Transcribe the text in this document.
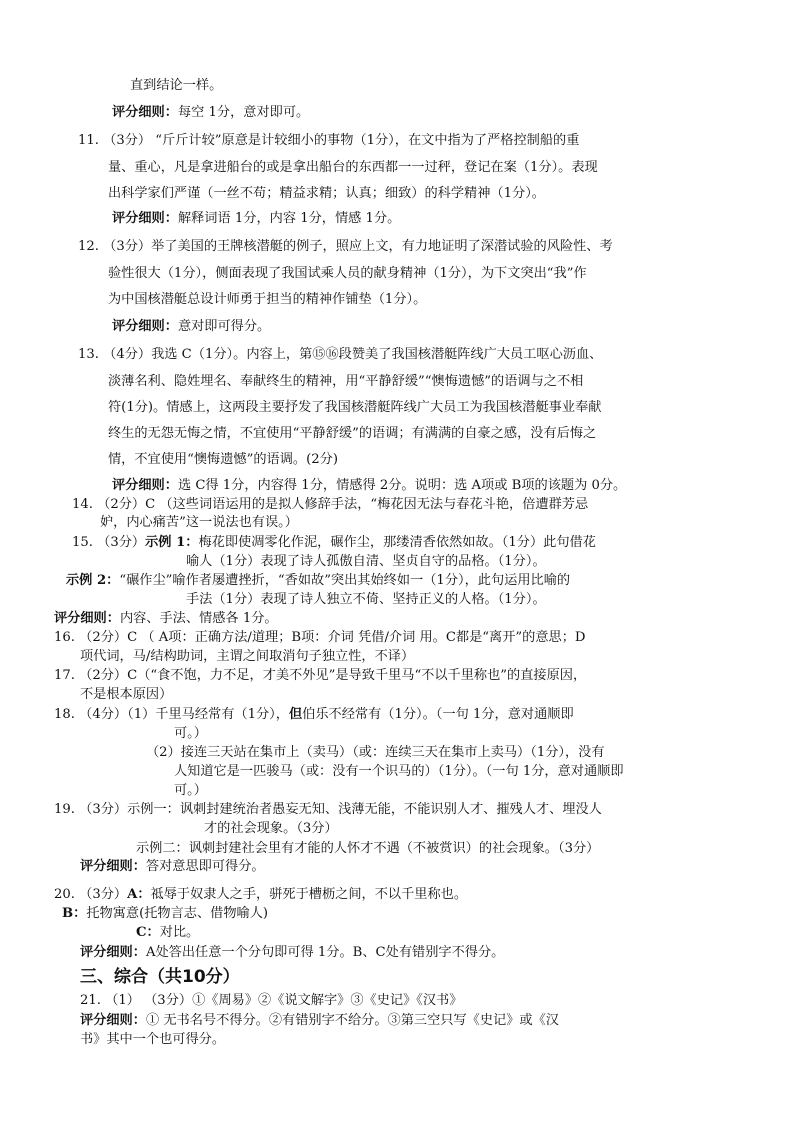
直到结论一样。
评分细则：每空 1分，意对即可。
11. （3分） “斤斤计较”原意是计较细小的事物（1分），在文中指为了严格控制船的重
量、重心，凡是拿进船台的或是拿出船台的东西都一一过秤，登记在案（1分）。表现
出科学家们严谨（一丝不苟；精益求精；认真；细致）的科学精神（1分）。
评分细则：解释词语 1分，内容 1分，情感 1分。
12. （3分）举了美国的王牌核潜艇的例子，照应上文，有力地证明了深潜试验的风险性、考
验性很大（1分），侧面表现了我国试乘人员的献身精神（1分），为下文突出“我”作
为中国核潜艇总设计师勇于担当的精神作铺垫（1分）。
评分细则：意对即可得分。
13. （4分）我选 C（1分）。内容上，第⑮⑯段赞美了我国核潜艇阵线广大员工呕心沥血、
淡薄名利、隐姓埋名、奉献终生的精神，用“平静舒缓”“懊悔遗憾”的语调与之不相
符(1分)。情感上，这两段主要抒发了我国核潜艇阵线广大员工为我国核潜艇事业奉献
终生的无怨无悔之情，不宜使用“平静舒缓”的语调；有满满的自豪之感，没有后悔之
情，不宜使用“懊悔遗憾”的语调。(2分)
评分细则：选 C得 1分，内容得 1分，情感得 2分。说明：选 A项或 B项的该题为 0分。
14. （2分）C （这些词语运用的是拟人修辞手法，“梅花因无法与春花斗艳，倍遭群芳忌
妒，内心痛苦”这一说法也有误。）
15. （3分）示例 1：梅花即使凋零化作泥，碾作尘，那缕清香依然如故。（1分）此句借花
喻人（1分）表现了诗人孤傲自清、坚贞自守的品格。（1分）。
示例 2：“碾作尘”喻作者屡遭挫折，“香如故”突出其始终如一（1分），此句运用比喻的
手法（1分）表现了诗人独立不倚、坚持正义的人格。（1分）。
评分细则：内容、手法、情感各 1分。
16. （2分）C （ A项：正确方法/道理；B项：介词 凭借/介词 用。C都是“离开”的意思；D
项代词，马/结构助词，主谓之间取消句子独立性，不译）
17. （2分）C（“食不饱，力不足，才美不外见”是导致千里马“不以千里称也”的直接原因，
不是根本原因）
18. （4分）（1）千里马经常有（1分），但伯乐不经常有（1分）。（一句 1分，意对通顺即
可。）
（2）接连三天站在集市上（卖马）（或：连续三天在集市上卖马）（1分），没有
人知道它是一匹骏马（或：没有一个识马的）（1分）。（一句 1分，意对通顺即
可。）
19. （3分）示例一：讽刺封建统治者愚妄无知、浅薄无能，不能识别人才、摧残人才、埋没人
才的社会现象。（3分）
示例二：讽刺封建社会里有才能的人怀才不遇（不被赏识）的社会现象。（3分）
评分细则：答对意思即可得分。
20. （3分）A：祗辱于奴隶人之手，骈死于槽枥之间，不以千里称也。
B：托物寓意(托物言志、借物喻人)
C：对比。
评分细则：A处答出任意一个分句即可得 1分。B、C处有错别字不得分。
三、综合（共10分）
21. （1） （3分）①《周易》②《说文解字》③《史记》《汉书》
评分细则：① 无书名号不得分。②有错别字不给分。③第三空只写《史记》或《汉
书》其中一个也可得分。
